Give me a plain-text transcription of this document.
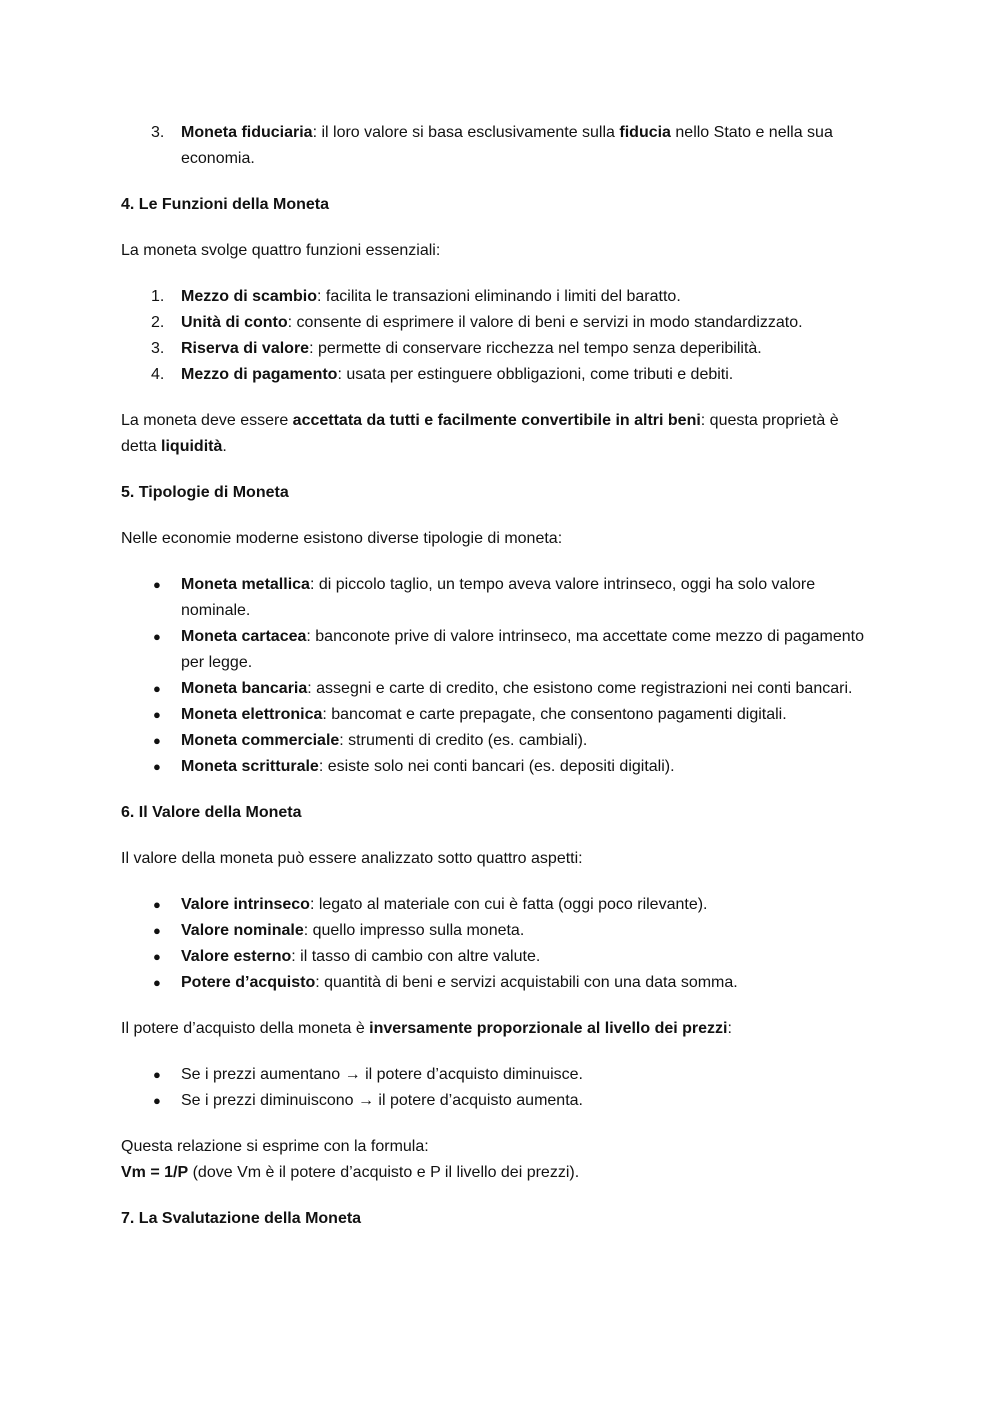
3.	Moneta fiduciaria: il loro valore si basa esclusivamente sulla fiducia nello Stato e nella sua economia.
4. Le Funzioni della Moneta

La moneta svolge quattro funzioni essenziali:

1.	Mezzo di scambio: facilita le transazioni eliminando i limiti del baratto.
2.	Unità di conto: consente di esprimere il valore di beni e servizi in modo standardizzato.
3.	Riserva di valore: permette di conservare ricchezza nel tempo senza deperibilità.
4.	Mezzo di pagamento: usata per estinguere obbligazioni, come tributi e debiti.

La moneta deve essere accettata da tutti e facilmente convertibile in altri beni: questa proprietà è detta liquidità.

5. Tipologie di Moneta

Nelle economie moderne esistono diverse tipologie di moneta:

● Moneta metallica: di piccolo taglio, un tempo aveva valore intrinseco, oggi ha solo valore nominale.
● Moneta cartacea: banconote prive di valore intrinseco, ma accettate come mezzo di pagamento per legge.
● Moneta bancaria: assegni e carte di credito, che esistono come registrazioni nei conti bancari.
● Moneta elettronica: bancomat e carte prepagate, che consentono pagamenti digitali.
● Moneta commerciale: strumenti di credito (es. cambiali).
● Moneta scritturale: esiste solo nei conti bancari (es. depositi digitali).
6. Il Valore della Moneta

Il valore della moneta può essere analizzato sotto quattro aspetti:

● Valore intrinseco: legato al materiale con cui è fatta (oggi poco rilevante).
● Valore nominale: quello impresso sulla moneta.
● Valore esterno: il tasso di cambio con altre valute.
● Potere d’acquisto: quantità di beni e servizi acquistabili con una data somma.

Il potere d’acquisto della moneta è inversamente proporzionale al livello dei prezzi:

● Se i prezzi aumentano → il potere d’acquisto diminuisce.
● Se i prezzi diminuiscono → il potere d’acquisto aumenta.

Questa relazione si esprime con la formula:
Vm = 1/P (dove Vm è il potere d’acquisto e P il livello dei prezzi).

7. La Svalutazione della Moneta
